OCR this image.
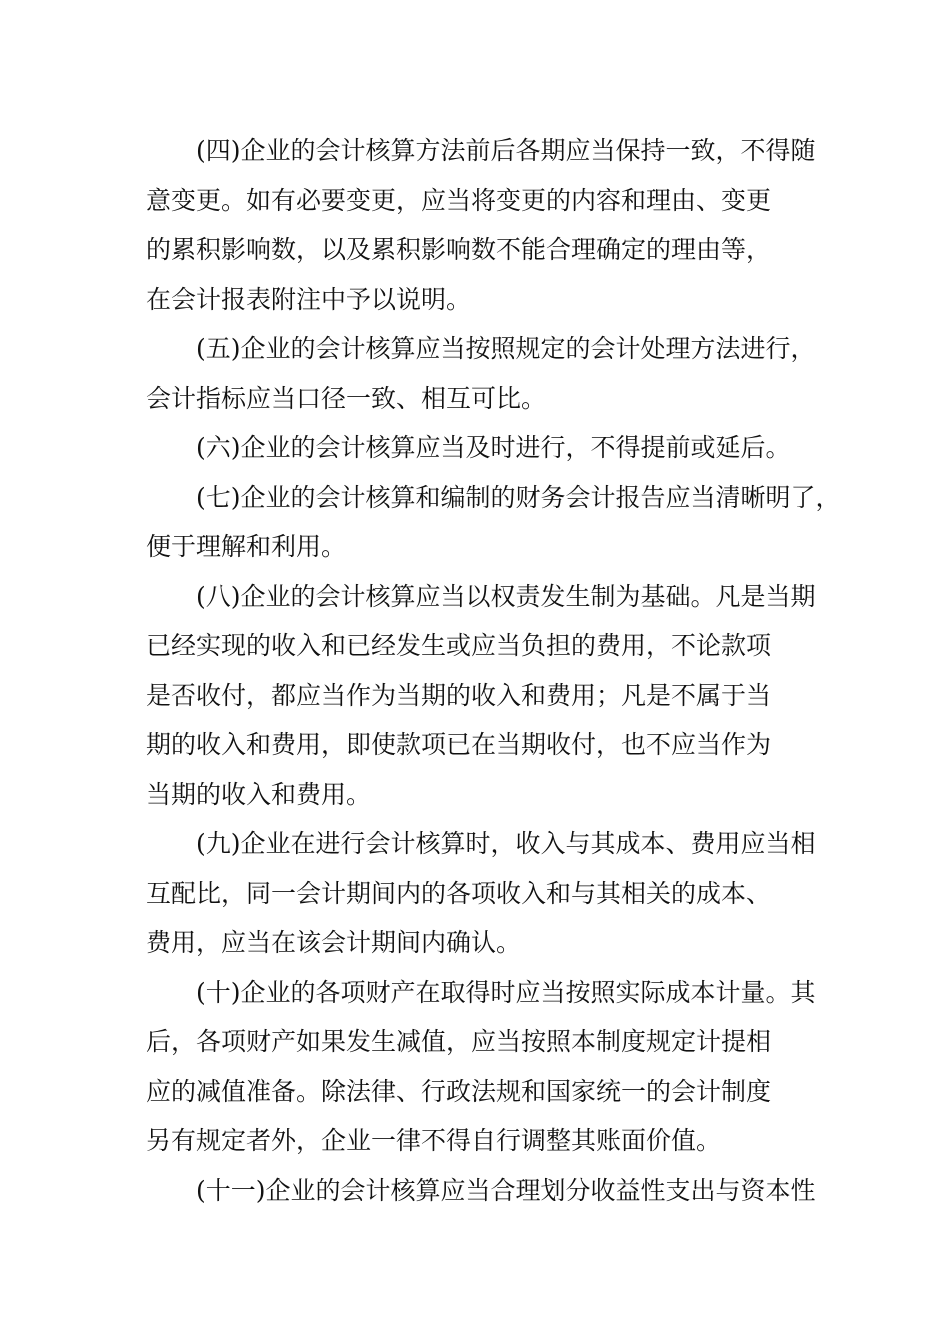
(四)企业的会计核算方法前后各期应当保持一致，不得随
意变更。如有必要变更，应当将变更的内容和理由、变更
的累积影响数，以及累积影响数不能合理确定的理由等，
在会计报表附注中予以说明。
(五)企业的会计核算应当按照规定的会计处理方法进行，
会计指标应当口径一致、相互可比。
(六)企业的会计核算应当及时进行，不得提前或延后。
(七)企业的会计核算和编制的财务会计报告应当清晰明了，
便于理解和利用。
(八)企业的会计核算应当以权责发生制为基础。凡是当期
已经实现的收入和已经发生或应当负担的费用，不论款项
是否收付，都应当作为当期的收入和费用；凡是不属于当
期的收入和费用，即使款项已在当期收付，也不应当作为
当期的收入和费用。
(九)企业在进行会计核算时，收入与其成本、费用应当相
互配比，同一会计期间内的各项收入和与其相关的成本、
费用，应当在该会计期间内确认。
(十)企业的各项财产在取得时应当按照实际成本计量。其
后，各项财产如果发生减值，应当按照本制度规定计提相
应的减值准备。除法律、行政法规和国家统一的会计制度
另有规定者外，企业一律不得自行调整其账面价值。
(十一)企业的会计核算应当合理划分收益性支出与资本性
